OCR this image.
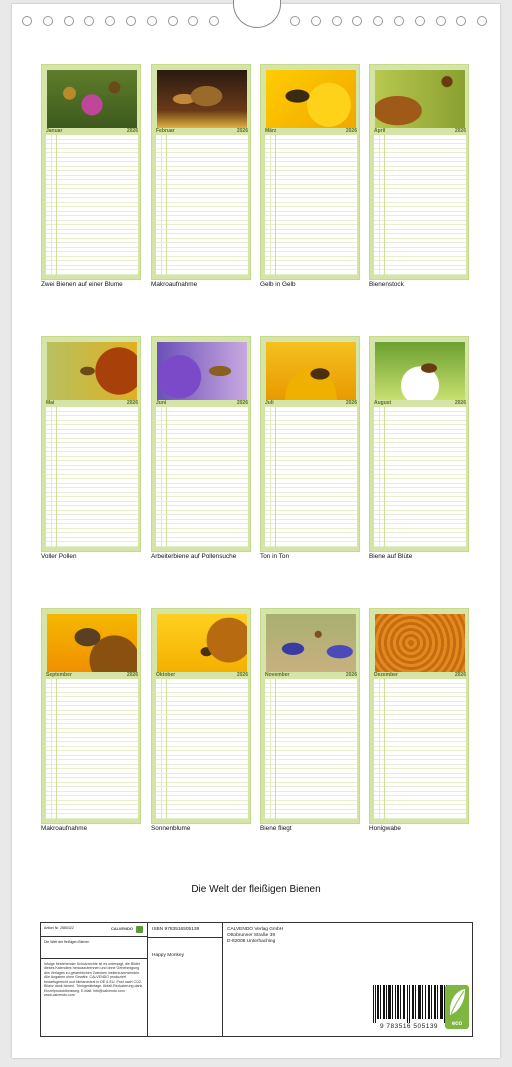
Januar	2026	Februar	2026	März	2026	April	2026
Zwei Bienen auf einer Blume	Makroaufnahme	Gelb in Gelb	Bienenstock
Mai	2026	Juni	2026	Juli	2026	August	2026
Voller Pollen	Arbeiterbiene auf Pollensuche	Ton in Ton	Biene auf Blüte
September	2026	Oktober	2026	November	2026	Dezember	2026
Makroaufnahme	Sonnenblume	Biene fliegt	Honigwabe
Die Welt der fleißigen Bienen
Artikel Nr. 2580422	CALVENDO
Die Welt der fleißigen Bienen
Infolge bestehender Schutzrechte ist es untersagt, die Bilder dieses Kalenders herauszutrennen und ohne Genehmigung des Verlages zu gewerblichen Zwecken weiterzuverwenden. Alle Angaben ohne Gewähr. CALVENDO produziert bedarfsgerecht und klimaneutral in DE & EU. Post nach CO2-Bilanz dank bioverl. Trinkgerätetage. Abfall-Reduzierung dank Einzelproduktionsweg. E-Mail: info@calvendo.com · www.calvendo.com
ISBN 9783516505139
Happy Monkey
CALVENDO Verlag GmbH
Ottobrunner Straße 39
D-82008 Unterhaching
9 783516 505139	eco
